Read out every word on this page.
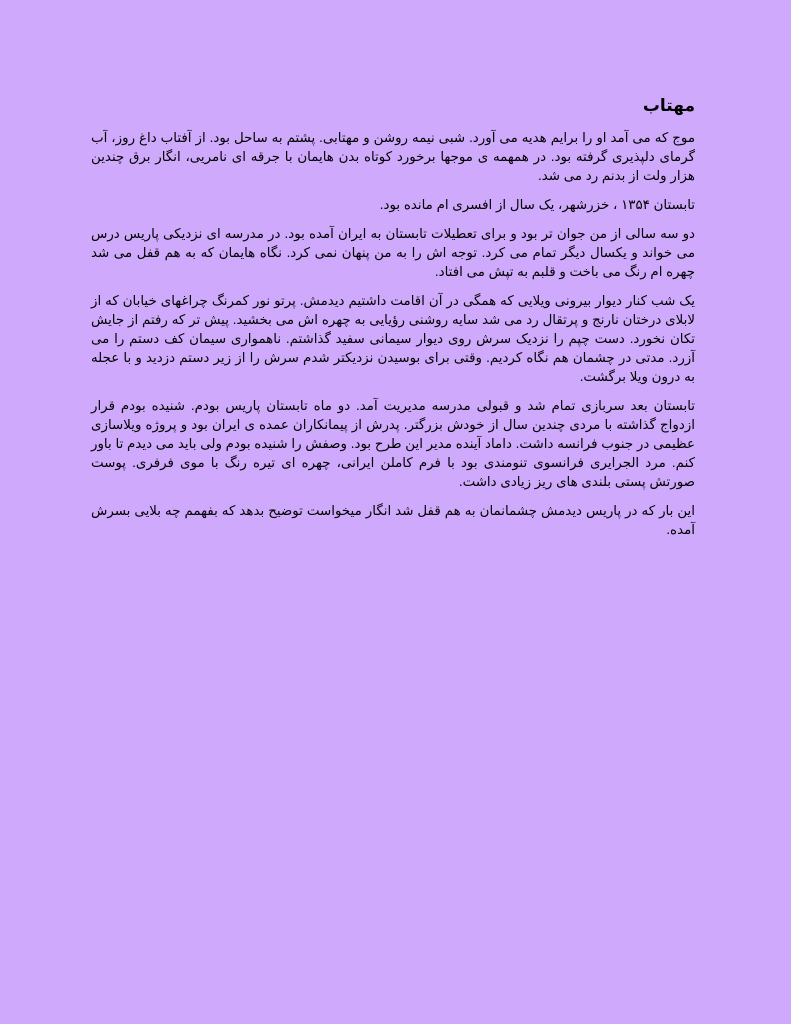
مهتاب

موج که می آمد او را برایم هدیه می آورد. شبی نیمه روشن و مهتابی. پشتم به ساحل بود. از آفتاب داغ روز، آب گرمای دلپذیری گرفته بود. در همهمه ی موجها برخورد کوتاه بدن هایمان با جرقه ای نامریی، انگار برق چندین هزار ولت از بدنم رد می شد.

تابستان ۱۳۵۴ ، خزرشهر، یک سال از افسری ام مانده بود.

دو سه سالی از من جوان تر بود و برای تعطیلات تابستان به ایران آمده بود. در مدرسه ای نزدیکی پاریس درس می خواند و یکسال دیگر تمام می کرد. توجه اش را به من پنهان نمی کرد. نگاه هایمان که به هم قفل می شد چهره ام رنگ می باخت و قلبم به تپش می افتاد.

یک شب کنار دیوار بیرونی ویلایی که همگی در آن اقامت داشتیم دیدمش. پرتو نور کمرنگ چراغهای خیابان که از لابلای درختان نارنج و پرتقال رد می شد سایه روشنی رؤیایی به چهره اش می بخشید. پیش تر که رفتم از جایش تکان نخورد. دست چپم را نزدیک سرش روی دیوار سیمانی سفید گذاشتم. ناهمواری سیمان کف دستم را می آزرد. مدتی در چشمان هم نگاه کردیم. وقتی برای بوسیدن نزدیکتر شدم سرش را از زیر دستم دزدید و با عجله به درون ویلا برگشت.

تابستان بعد سربازی تمام شد و قبولی مدرسه مدیریت آمد. دو ماه تابستان پاریس بودم. شنیده بودم قرار ازدواج گذاشته با مردی چندین سال از خودش بزرگتر. پدرش از پیمانکاران عمده ی ایران بود و پروژه ویلاسازی عظیمی در جنوب فرانسه داشت. داماد آینده مدیر این طرح بود. وصفش را شنیده بودم ولی باید می دیدم تا باور کنم. مرد الجرایری فرانسوی تنومندی بود با فرم کاملن ایرانی، چهره ای تیره رنگ با موی فرفری. پوست صورتش پستی بلندی های ریز زیادی داشت.

این بار که در پاریس دیدمش چشمانمان به هم قفل شد انگار میخواست توضیح بدهد که بفهمم چه بلایی بسرش آمده.
